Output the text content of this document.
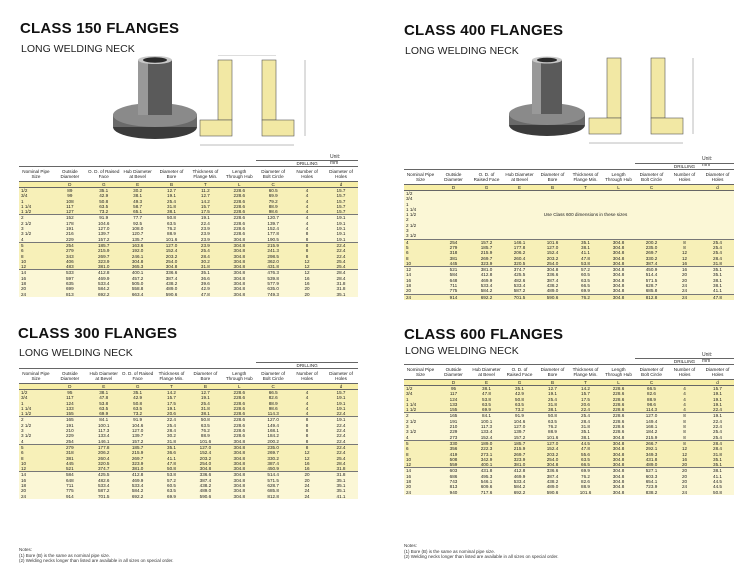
CLASS 150 FLANGES
LONG WELDING NECK
Unit: mm
							DRILLING		
Nominal Pipe Size	Outside Diameter	O. D. of Raised Face	Hub Diameter at Bevel	Diameter of Bore	Thickness of Flange Min.	Length Through Hub	Diameter of Bolt Circle	Number of Holes	Diameter of Holes
	D	G	E	B	T	L	C		d
1/2	89	35.1	30.2	12.7	11.2	228.6	60.5	4	15.7
3/4	99	42.9	38.1	19.1	12.7	228.6	69.9	4	15.7
1	108	50.8	49.3	25.4	14.2	228.6	79.2	4	15.7
1 1/4	117	63.5	58.7	31.8	15.7	228.6	88.9	4	15.7
1 1/2	127	73.2	65.1	38.1	17.5	228.6	98.6	4	15.7
2	152	91.9	77.7	50.8	19.1	228.6	120.7	4	19.1
2 1/2	178	104.6	92.5	63.5	22.4	228.6	139.7	4	19.1
3	191	127.0	108.0	76.2	23.9	228.6	152.4	4	19.1
3 1/2	216	139.7	120.7	88.9	23.9	228.6	177.8	8	19.1
4	229	157.2	135.7	101.6	23.9	304.8	190.5	8	19.1
5	254	185.7	163.6	127.0	23.9	304.8	215.9	8	22.4
6	279	215.9	192.0	152.4	25.4	304.8	241.3	8	22.4
8	343	269.7	246.1	203.2	28.4	304.8	298.5	8	22.4
10	406	323.9	304.8	254.0	30.2	304.8	362.0	12	25.4
12	483	381.0	365.3	304.8	31.8	304.8	431.8	12	25.4
14	533	412.8	400.1	336.6	35.1	304.8	476.3	12	28.4
16	597	469.9	457.2	387.4	36.6	304.8	539.8	16	28.4
18	635	533.4	505.0	438.2	39.6	304.8	577.9	16	31.8
20	699	584.2	558.8	489.0	42.9	304.8	635.0	20	31.8
24	813	692.2	663.4	590.6	47.8	304.8	749.3	20	35.1
CLASS 400 FLANGES
LONG WELDING NECK
Unit: mm
							DRILLING		
Nominal Pipe Size	Outside Diameter	O. D. of Raised Face	Hub Diameter at Bevel	Diameter of Bore	Thickness of Flange Min.	Length Through Hub	Diameter of Bolt Circle	Number of Holes	Diameter of Holes
	D	G	E	B	T	L	C		d
1/2	Use Class 600 dimensions in these sizes								
3/4									
1									
1 1/4									
1 1/2									
2									
2 1/2									
3									
3 1/2									
4	254	157.2	146.1	101.6	35.1	304.8	200.2	8	25.4
5	279	185.7	177.8	127.0	38.1	304.8	235.0	8	25.4
6	318	215.9	206.2	152.4	41.1	304.8	269.7	12	25.4
8	381	269.7	260.4	203.2	47.8	304.8	330.2	12	28.4
10	445	323.9	320.5	254.0	53.8	304.8	387.4	16	31.8
12	521	381.0	374.7	304.8	57.2	304.8	450.9	16	35.1
14	584	412.8	425.5	336.6	60.5	304.8	514.4	20	35.1
16	648	469.9	482.6	387.4	63.5	304.8	571.5	20	38.1
18	711	533.4	533.4	438.2	66.5	304.8	628.7	24	38.1
20	775	584.2	587.2	489.0	69.9	304.8	685.8	24	41.1
24	914	692.2	701.5	590.6	76.2	304.8	812.8	24	47.8
CLASS 300 FLANGES
LONG WELDING NECK
							DRILLING		
Nominal Pipe Size	Outside Diameter	Hub Diameter at Bevel	O. D. of Raised Face	Thickness of Flange Min.	Diameter of Bore	Length Through Hub	Diameter of Bolt Circle	Number of Holes	Diameter of Holes
	D	E	G	T	B	L	C		d
1/2	95	38.1	35.1	14.2	12.7	228.6	66.5	4	15.7
3/4	117	47.8	42.9	15.7	19.1	228.6	82.6	4	19.1
1	124	53.8	50.8	17.5	25.4	228.6	88.9	4	19.1
1 1/4	133	63.5	63.5	19.1	31.8	228.6	98.6	4	19.1
1 1/2	155	69.9	73.2	20.6	38.1	228.6	114.3	4	22.4
2	165	84.1	91.9	22.4	50.8	228.6	127.0	8	19.1
2 1/2	191	100.1	104.6	25.4	63.5	228.6	149.4	8	22.4
3	210	117.3	127.0	28.4	76.2	228.6	168.1	8	22.4
3 1/2	229	133.4	139.7	30.2	88.9	228.6	184.2	8	22.4
4	254	146.1	157.2	31.8	101.6	304.8	200.2	8	22.4
5	279	177.8	185.7	35.1	127.0	304.8	235.0	8	22.4
6	318	206.2	215.9	36.6	152.4	304.8	269.7	12	22.4
8	381	260.4	269.7	41.1	203.2	304.8	330.2	12	25.4
10	445	320.5	323.9	47.8	254.0	304.8	387.4	16	28.4
12	521	374.7	381.0	50.8	304.8	304.8	450.9	16	31.8
14	584	425.5	412.8	53.8	336.6	304.8	514.4	20	31.8
16	648	482.6	469.9	57.2	387.4	304.8	571.5	20	35.1
18	711	533.4	533.4	60.5	438.2	304.8	628.7	24	35.1
20	775	587.2	584.2	63.5	489.0	304.8	685.8	24	35.1
24	914	701.5	692.2	69.9	590.6	304.8	812.8	24	41.1
Notes:
(1) Bore (B) is the same as nominal pipe size.
(2) Welding necks longer than listed are available in all sizes on special order.
CLASS 600 FLANGES
LONG WELDING NECK	Unit: mm
							DRILLING		
Nominal Pipe Size	Outside Diameter	Hub Diameter at Bevel	O. D. of Raised Face	Diameter of Bore	Thickness of Flange Min.	Length Through Hub	Diameter of Bolt Circle	Number of Holes	Diameter of Holes
	D	E	G	B	T	L	C		d
1/2	95	38.1	35.1	12.7	14.2	228.6	66.5	4	15.7
3/4	117	47.8	42.9	19.1	15.7	228.6	82.6	4	19.1
1	124	53.8	50.8	25.4	17.5	228.6	88.9	4	19.1
1 1/4	133	63.5	63.5	31.8	20.6	228.6	98.6	4	19.1
1 1/2	155	69.9	73.2	38.1	22.4	228.6	114.3	4	22.4
2	165	84.1	91.9	50.8	25.4	228.6	127.0	8	19.1
2 1/2	191	100.1	104.6	63.5	28.4	228.6	149.4	8	22.4
3	210	117.3	127.0	76.2	31.8	228.6	168.1	8	22.4
3 1/2	229	133.4	139.7	88.9	35.1	228.6	184.2	8	25.4
4	273	152.4	157.2	101.6	38.1	304.8	215.9	8	25.4
5	330	189.0	185.7	127.0	44.5	304.8	266.7	8	28.4
6	356	222.3	215.9	152.4	47.8	304.8	292.1	12	28.4
8	419	273.1	269.7	203.2	55.6	304.8	349.3	12	31.8
10	508	342.9	323.9	254.0	63.5	304.8	431.8	16	35.1
12	559	400.1	381.0	304.8	66.5	304.8	489.0	20	35.1
14	603	431.8	412.8	336.6	69.9	304.8	527.1	20	38.1
16	686	495.3	469.9	387.4	76.2	304.8	603.3	20	41.1
18	743	546.1	533.4	438.2	82.6	304.8	654.1	20	44.5
20	813	609.6	584.2	489.0	88.9	304.8	723.9	24	44.5
24	940	717.6	692.2	590.6	101.6	304.8	838.2	24	50.8
Notes:
(1) Bore (B) is the same as nominal pipe size.
(2) Welding necks longer than listed are available in all sizes on special order.
